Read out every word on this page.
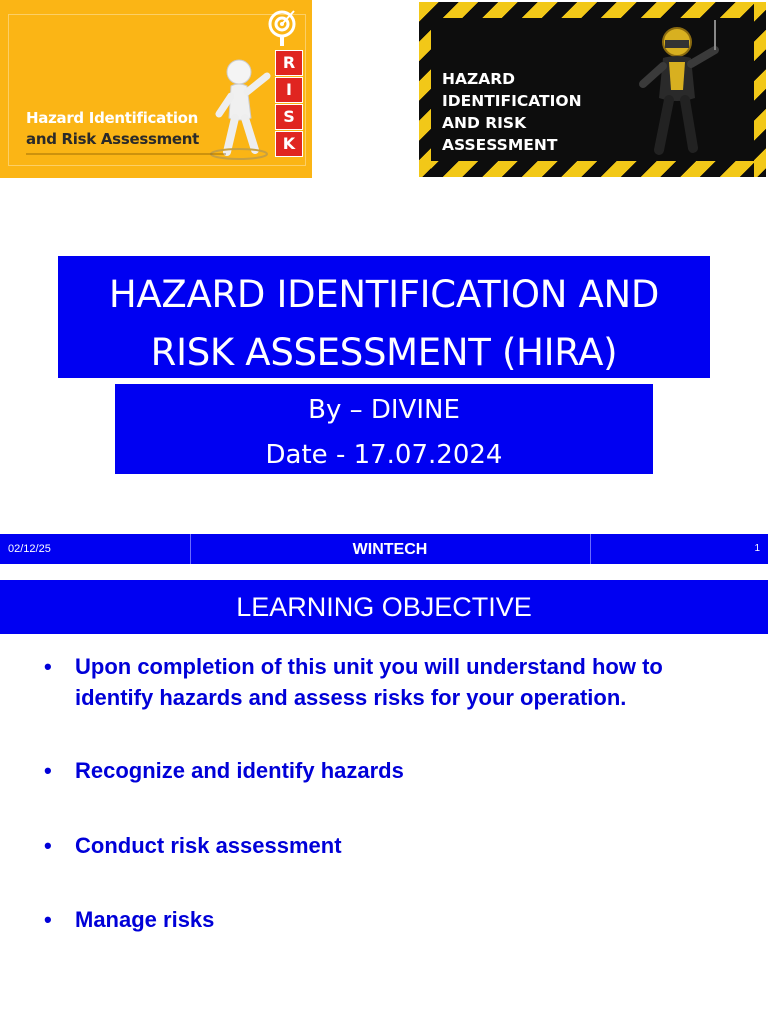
R
I
S
K
Hazard Identification
and Risk Assessment
HAZARD
IDENTIFICATION
AND RISK
ASSESSMENT
HAZARD IDENTIFICATION AND
RISK ASSESSMENT (HIRA)
By – DIVINE
Date - 17.07.2024
02/12/25	WINTECH	1
LEARNING OBJECTIVE
• Upon completion of this unit you will understand how to identify hazards and assess risks for your operation.
• Recognize and identify hazards
• Conduct risk assessment
• Manage risks
